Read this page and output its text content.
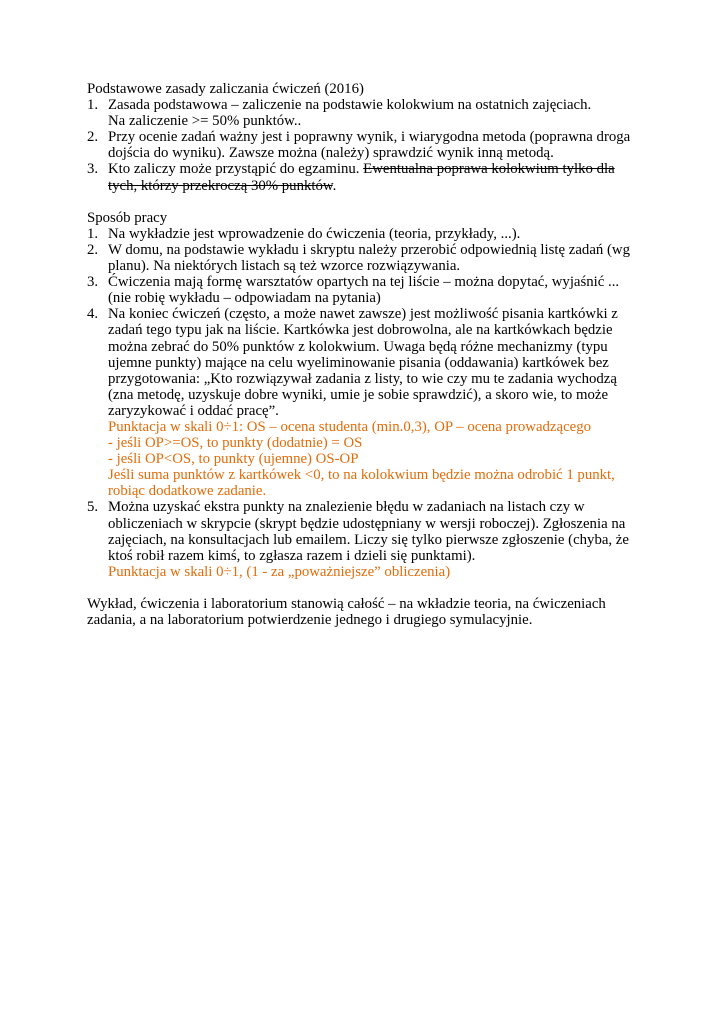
Podstawowe zasady zaliczania ćwiczeń (2016)

1. Zasada podstawowa – zaliczenie na podstawie kolokwium na ostatnich zajęciach.
Na zaliczenie >= 50% punktów..
2. Przy ocenie zadań ważny jest i poprawny wynik, i wiarygodna metoda (poprawna droga
dojścia do wyniku). Zawsze można (należy) sprawdzić wynik inną metodą.
3. Kto zaliczy może przystąpić do egzaminu. Ewentualna poprawa kolokwium tylko dla
tych, którzy przekroczą 30% punktów.

Sposób pracy

1. Na wykładzie jest wprowadzenie do ćwiczenia (teoria, przykłady, ...).
2. W domu, na podstawie wykładu i skryptu należy przerobić odpowiednią listę zadań (wg
planu). Na niektórych listach są też wzorce rozwiązywania.
3. Ćwiczenia mają formę warsztatów opartych na tej liście – można dopytać, wyjaśnić ...
(nie robię wykładu – odpowiadam na pytania)
4. Na koniec ćwiczeń (często, a może nawet zawsze) jest możliwość pisania kartkówki z
zadań tego typu jak na liście. Kartkówka jest dobrowolna, ale na kartkówkach będzie
można zebrać do 50% punktów z kolokwium. Uwaga będą różne mechanizmy (typu
ujemne punkty) mające na celu wyeliminowanie pisania (oddawania) kartkówek bez
przygotowania: „Kto rozwiązywał zadania z listy, to wie czy mu te zadania wychodzą
(zna metodę, uzyskuje dobre wyniki, umie je sobie sprawdzić), a skoro wie, to może
zaryzykować i oddać pracę”.
Punktacja w skali 0÷1: OS – ocena studenta (min.0,3), OP – ocena prowadzącego
- jeśli OP>=OS, to punkty (dodatnie) = OS
- jeśli OP<OS, to punkty (ujemne) OS-OP
Jeśli suma punktów z kartkówek <0, to na kolokwium będzie można odrobić 1 punkt,
robiąc dodatkowe zadanie.
5. Można uzyskać ekstra punkty na znalezienie błędu w zadaniach na listach czy w
obliczeniach w skrypcie (skrypt będzie udostępniany w wersji roboczej). Zgłoszenia na
zajęciach, na konsultacjach lub emailem. Liczy się tylko pierwsze zgłoszenie (chyba, że
ktoś robił razem kimś, to zgłasza razem i dzieli się punktami).
Punktacja w skali 0÷1, (1 - za „poważniejsze” obliczenia)
Wykład, ćwiczenia i laboratorium stanowią całość – na wkładzie teoria, na ćwiczeniach
zadania, a na laboratorium potwierdzenie jednego i drugiego symulacyjnie.
